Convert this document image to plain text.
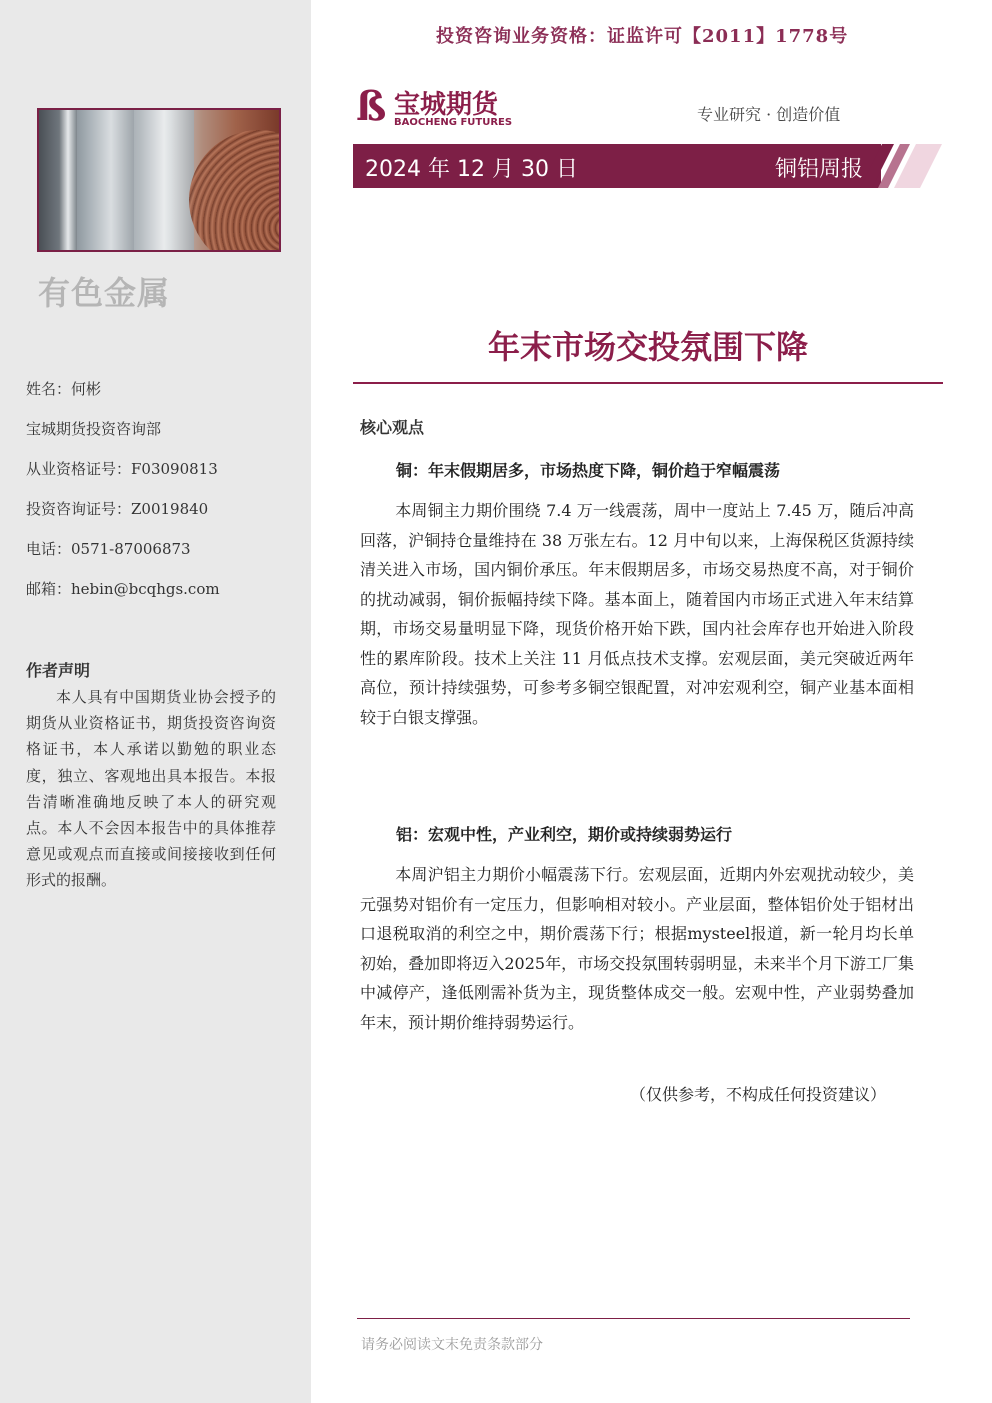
有色金属
姓名：何彬
宝城期货投资咨询部
从业资格证号：F03090813
投资咨询证号：Z0019840
电话：0571-87006873
邮箱：hebin@bcqhgs.com
作者声明
本人具有中国期货业协会授予的期货从业资格证书，期货投资咨询资格证书，本人承诺以勤勉的职业态度，独立、客观地出具本报告。本报告清晰准确地反映了本人的研究观点。本人不会因本报告中的具体推荐意见或观点而直接或间接接收到任何形式的报酬。
投资咨询业务资格：证监许可【2011】1778号
ß 宝城期货
BAOCHENG FUTURES	专业研究 · 创造价值
2024 年 12 月 30 日	铜铝周报
年末市场交投氛围下降
核心观点
铜：年末假期居多，市场热度下降，铜价趋于窄幅震荡
本周铜主力期价围绕 7.4 万一线震荡，周中一度站上 7.45 万，随后冲高回落，沪铜持仓量维持在 38 万张左右。12 月中旬以来，上海保税区货源持续清关进入市场，国内铜价承压。年末假期居多，市场交易热度不高，对于铜价的扰动减弱，铜价振幅持续下降。基本面上，随着国内市场正式进入年末结算期，市场交易量明显下降，现货价格开始下跌，国内社会库存也开始进入阶段性的累库阶段。技术上关注 11 月低点技术支撑。宏观层面，美元突破近两年高位，预计持续强势，可参考多铜空银配置，对冲宏观利空，铜产业基本面相较于白银支撑强。
铝：宏观中性，产业利空，期价或持续弱势运行
本周沪铝主力期价小幅震荡下行。宏观层面，近期内外宏观扰动较少，美元强势对铝价有一定压力，但影响相对较小。产业层面，整体铝价处于铝材出口退税取消的利空之中，期价震荡下行；根据mysteel报道，新一轮月均长单初始，叠加即将迈入2025年，市场交投氛围转弱明显，未来半个月下游工厂集中减停产，逢低刚需补货为主，现货整体成交一般。宏观中性，产业弱势叠加年末，预计期价维持弱势运行。
（仅供参考，不构成任何投资建议）
请务必阅读文末免责条款部分
